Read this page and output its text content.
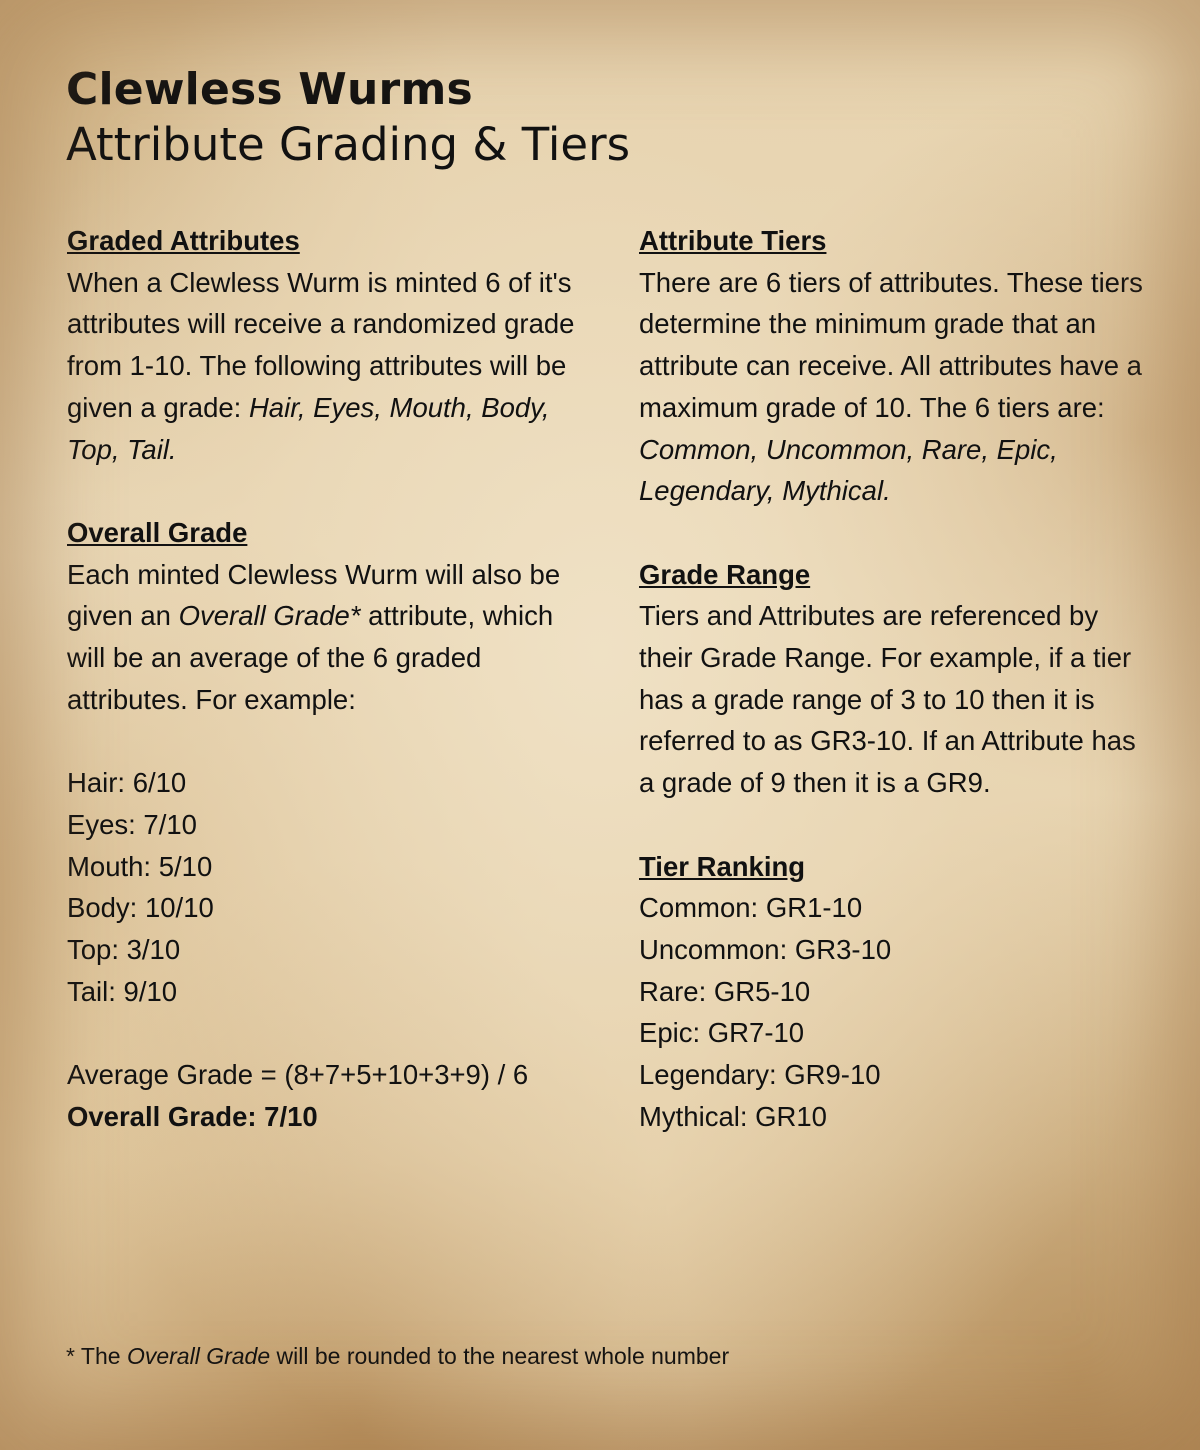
Clewless Wurms
Attribute Grading & Tiers
Graded Attributes

When a Clewless Wurm is minted 6 of it's attributes will receive a randomized grade from 1-10. The following attributes will be given a grade: Hair, Eyes, Mouth, Body, Top, Tail.

Overall Grade

Each minted Clewless Wurm will also be given an Overall Grade* attribute, which will be an average of the 6 graded attributes. For example:

Hair: 6/10
Eyes: 7/10
Mouth: 5/10
Body: 10/10
Top: 3/10
Tail: 9/10
Average Grade = (8+7+5+10+3+9) / 6
Overall Grade: 7/10
Attribute Tiers

There are 6 tiers of attributes. These tiers determine the minimum grade that an attribute can receive. All attributes have a maximum grade of 10. The 6 tiers are: Common, Uncommon, Rare, Epic, Legendary, Mythical.

Grade Range

Tiers and Attributes are referenced by their Grade Range. For example, if a tier has a grade range of 3 to 10 then it is referred to as GR3-10. If an Attribute has a grade of 9 then it is a GR9.

Tier Ranking
Common: GR1-10
Uncommon: GR3-10
Rare: GR5-10
Epic: GR7-10
Legendary: GR9-10
Mythical: GR10
* The Overall Grade will be rounded to the nearest whole number
